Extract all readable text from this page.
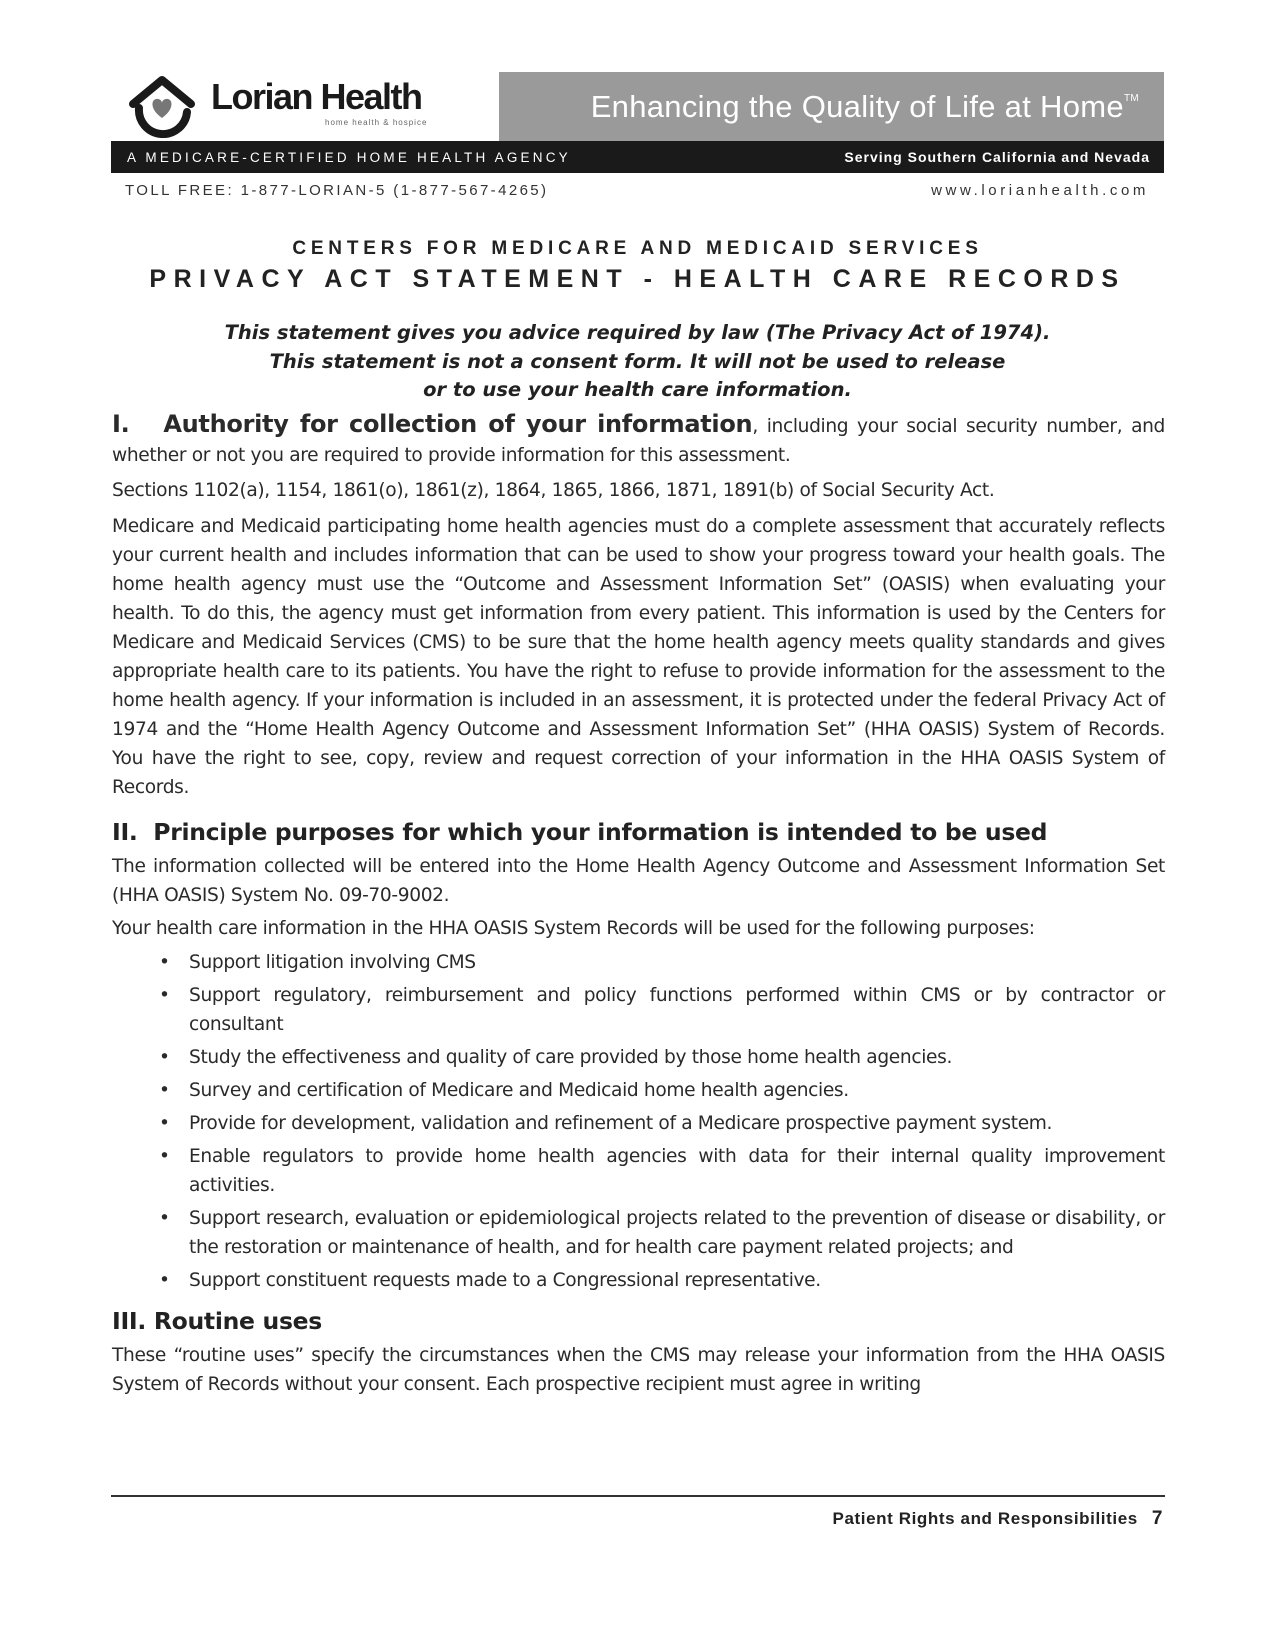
Lorian Health
home health & hospice	Enhancing the Quality of Life at Home™
A MEDICARE-CERTIFIED HOME HEALTH AGENCY	Serving Southern California and Nevada
TOLL FREE: 1-877-LORIAN-5 (1-877-567-4265)	www.lorianhealth.com
CENTERS FOR MEDICARE AND MEDICAID SERVICES
PRIVACY ACT STATEMENT - HEALTH CARE RECORDS
This statement gives you advice required by law (The Privacy Act of 1974).
This statement is not a consent form. It will not be used to release
or to use your health care information.

I.   Authority for collection of your information, including your social security number, and whether or not you are required to provide information for this assessment.

Sections 1102(a), 1154, 1861(o), 1861(z), 1864, 1865, 1866, 1871, 1891(b) of Social Security Act.

Medicare and Medicaid participating home health agencies must do a complete assessment that accurately reflects your current health and includes information that can be used to show your progress toward your health goals. The home health agency must use the “Outcome and Assessment Information Set” (OASIS) when evaluating your health. To do this, the agency must get information from every patient. This information is used by the Centers for Medicare and Medicaid Services (CMS) to be sure that the home health agency meets quality standards and gives appropriate health care to its patients. You have the right to refuse to provide information for the assessment to the home health agency. If your information is included in an assessment, it is protected under the federal Privacy Act of 1974 and the “Home Health Agency Outcome and Assessment Information Set” (HHA OASIS) System of Records. You have the right to see, copy, review and request correction of your information in the HHA OASIS System of Records.

II.  Principle purposes for which your information is intended to be used

The information collected will be entered into the Home Health Agency Outcome and Assessment Information Set (HHA OASIS) System No. 09-70-9002.

Your health care information in the HHA OASIS System Records will be used for the following purposes:

• Support litigation involving CMS
• Support regulatory, reimbursement and policy functions performed within CMS or by contractor or consultant
• Study the effectiveness and quality of care provided by those home health agencies.
• Survey and certification of Medicare and Medicaid home health agencies.
• Provide for development, validation and refinement of a Medicare prospective payment system.
• Enable regulators to provide home health agencies with data for their internal quality improvement activities.
• Support research, evaluation or epidemiological projects related to the prevention of disease or disability, or the restoration or maintenance of health, and for health care payment related projects; and
• Support constituent requests made to a Congressional representative.
III. Routine uses

These “routine uses” specify the circumstances when the CMS may release your information from the HHA OASIS System of Records without your consent. Each prospective recipient must agree in writing

Patient Rights and Responsibilities 7
